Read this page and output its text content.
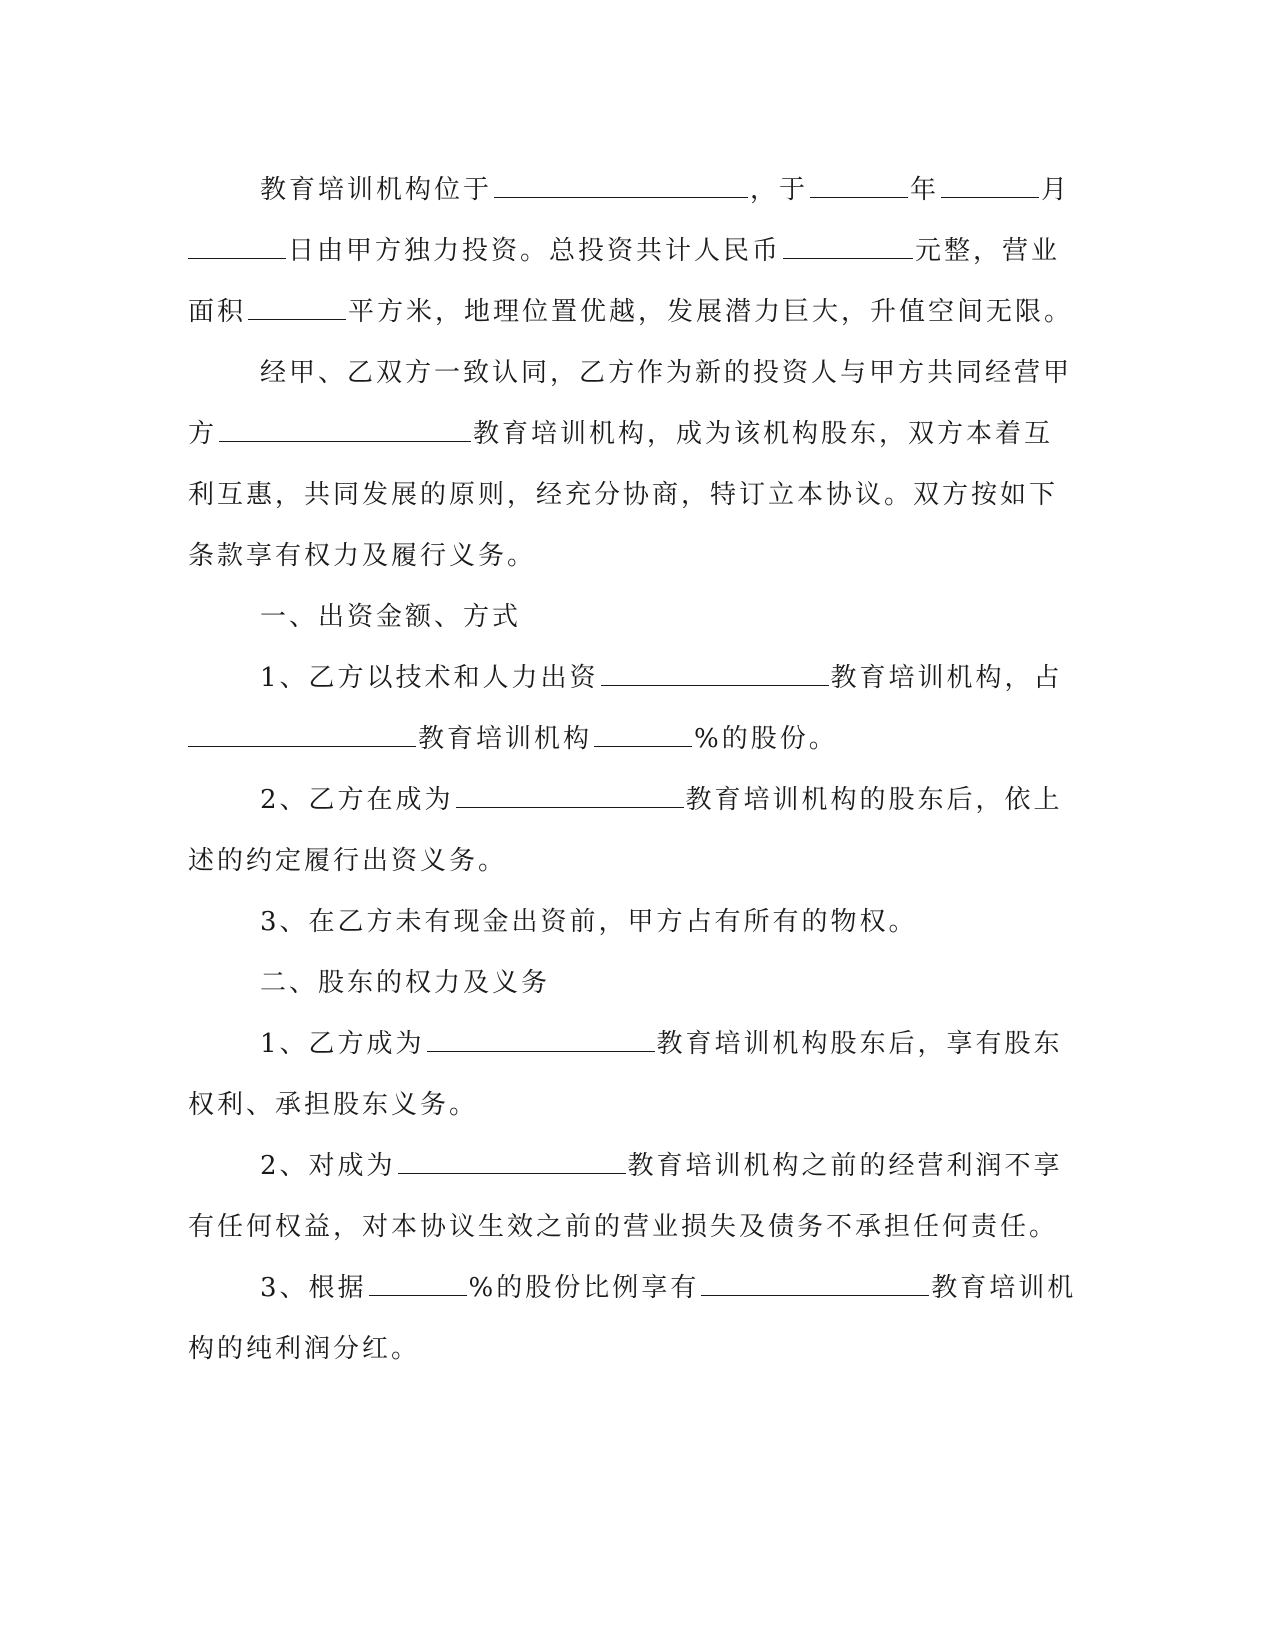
教育培训机构位于	，于	年	月
日由甲方独力投资。总投资共计人民币	元整，营业
面积	平方米，地理位置优越，发展潜力巨大，升值空间无限。
经甲、乙双方一致认同，乙方作为新的投资人与甲方共同经营甲
方	教育培训机构，成为该机构股东，双方本着互
利互惠，共同发展的原则，经充分协商，特订立本协议。双方按如下
条款享有权力及履行义务。
一、出资金额、方式
1、乙方以技术和人力出资	教育培训机构，占
教育培训机构	%的股份。
2、乙方在成为	教育培训机构的股东后，依上
述的约定履行出资义务。
3、在乙方未有现金出资前，甲方占有所有的物权。
二、股东的权力及义务
1、乙方成为	教育培训机构股东后，享有股东
权利、承担股东义务。
2、对成为	教育培训机构之前的经营利润不享
有任何权益，对本协议生效之前的营业损失及债务不承担任何责任。
3、根据	%的股份比例享有	教育培训机
构的纯利润分红。
